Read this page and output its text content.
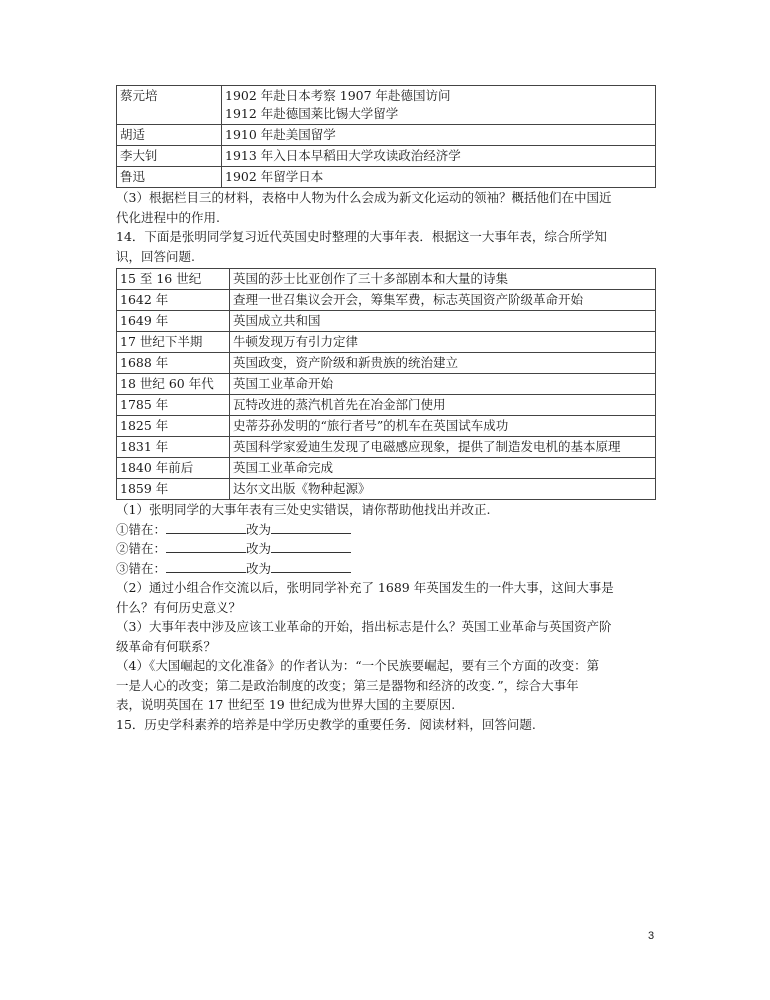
蔡元培	1902 年赴日本考察 1907 年赴德国访问
1912 年赴德国莱比锡大学留学

胡适	1910 年赴美国留学
李大钊	1913 年入日本早稻田大学攻读政治经济学
鲁迅	1902 年留学日本
（3）根据栏目三的材料，表格中人物为什么会成为新文化运动的领袖？概括他们在中国近
代化进程中的作用.
14．下面是张明同学复习近代英国史时整理的大事年表．根据这一大事年表，综合所学知
识，回答问题.
15 至 16 世纪	英国的莎士比亚创作了三十多部剧本和大量的诗集
1642 年	查理一世召集议会开会，筹集军费，标志英国资产阶级革命开始
1649 年	英国成立共和国
17 世纪下半期	牛顿发现万有引力定律
1688 年	英国政变，资产阶级和新贵族的统治建立
18 世纪 60 年代	英国工业革命开始
1785 年	瓦特改进的蒸汽机首先在冶金部门使用
1825 年	史蒂芬孙发明的“旅行者号”的机车在英国试车成功
1831 年	英国科学家爱迪生发现了电磁感应现象，提供了制造发电机的基本原理
1840 年前后	英国工业革命完成
1859 年	达尔文出版《物种起源》
（1）张明同学的大事年表有三处史实错误，请你帮助他找出并改正.
①错在：	改为
②错在：	改为
③错在：	改为
（2）通过小组合作交流以后，张明同学补充了 1689 年英国发生的一件大事，这间大事是
什么？有何历史意义？
（3）大事年表中涉及应该工业革命的开始，指出标志是什么？英国工业革命与英国资产阶
级革命有何联系？
（4）《大国崛起的文化准备》的作者认为：“一个民族要崛起，要有三个方面的改变：第
一是人心的改变；第二是政治制度的改变；第三是器物和经济的改变．”，综合大事年
表，说明英国在 17 世纪至 19 世纪成为世界大国的主要原因.
15．历史学科素养的培养是中学历史教学的重要任务．阅读材料，回答问题.
3
